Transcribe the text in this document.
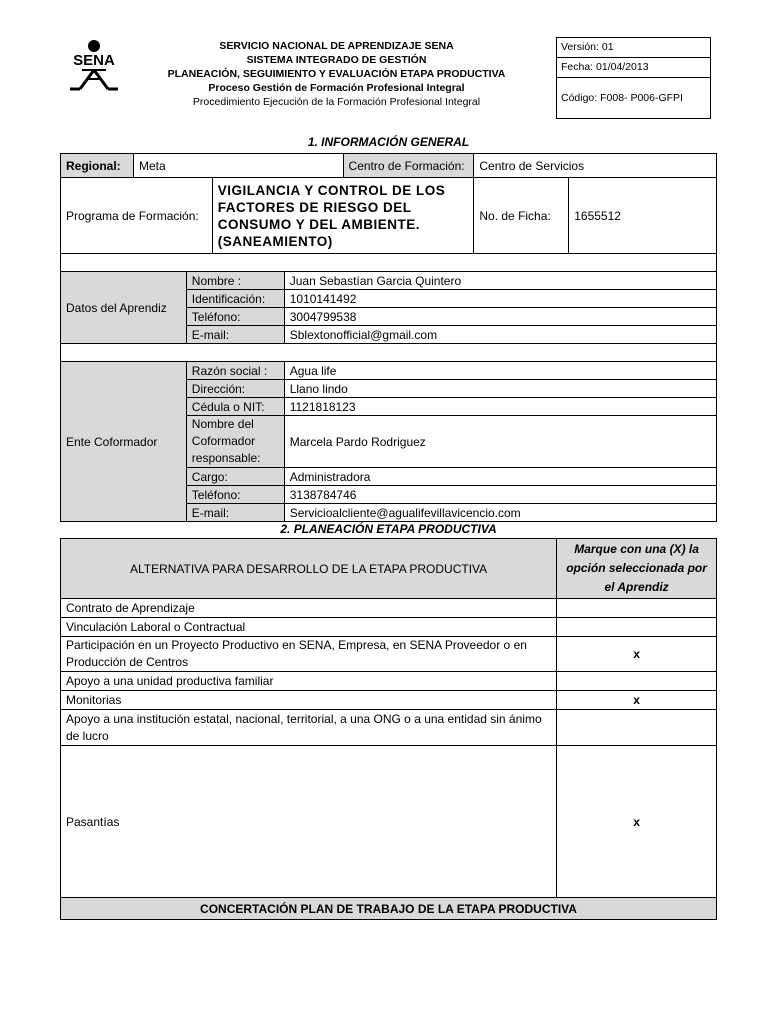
SENA
SERVICIO NACIONAL DE APRENDIZAJE SENA
SISTEMA INTEGRADO DE GESTIÓN
PLANEACIÓN, SEGUIMIENTO Y EVALUACIÓN ETAPA PRODUCTIVA
Proceso Gestión de Formación Profesional Integral
Procedimiento Ejecución de la Formación Profesional Integral
Versión: 01
Fecha: 01/04/2013
Código: F008- P006-GFPI
1. INFORMACIÓN GENERAL
Regional:	Meta				Centro de Formación:	Centro de Servicios	
Programa de Formación:			VIGILANCIA Y CONTROL DE LOS FACTORES DE RIESGO DEL CONSUMO Y DEL AMBIENTE. (SANEAMIENTO)			No. de Ficha:	1655512

Datos del Aprendiz		Nombre :		Juan Sebastían Garcia Quintero			
		Identificación:		1010141492			
		Teléfono:		3004799538			
		E-mail:		Sblextonofficial@gmail.com			

Ente Coformador		Razón social :		Agua life			
		Dirección:		Llano lindo			
		Cédula o NIT:		1121818123			
		Nombre del Coformador responsable:		Marcela Pardo Rodriguez			
		Cargo:		Administradora			
		Teléfono:		3138784746			
		E-mail:		Servicioalcliente@agualifevillavicencio.com			
2. PLANEACIÓN ETAPA PRODUCTIVA
ALTERNATIVA PARA DESARROLLO DE LA ETAPA PRODUCTIVA	Marque con una (X) la opción seleccionada por el Aprendiz
Contrato de Aprendizaje	
Vinculación Laboral o Contractual	
Participación en un Proyecto Productivo en SENA, Empresa, en SENA Proveedor o en Producción de Centros	x
Apoyo a una unidad productiva familiar	
Monitorias	x
Apoyo a una institución estatal, nacional, territorial, a una ONG o a una entidad sin ánimo de lucro	
Pasantías	x
CONCERTACIÓN PLAN DE TRABAJO DE LA ETAPA PRODUCTIVA	
